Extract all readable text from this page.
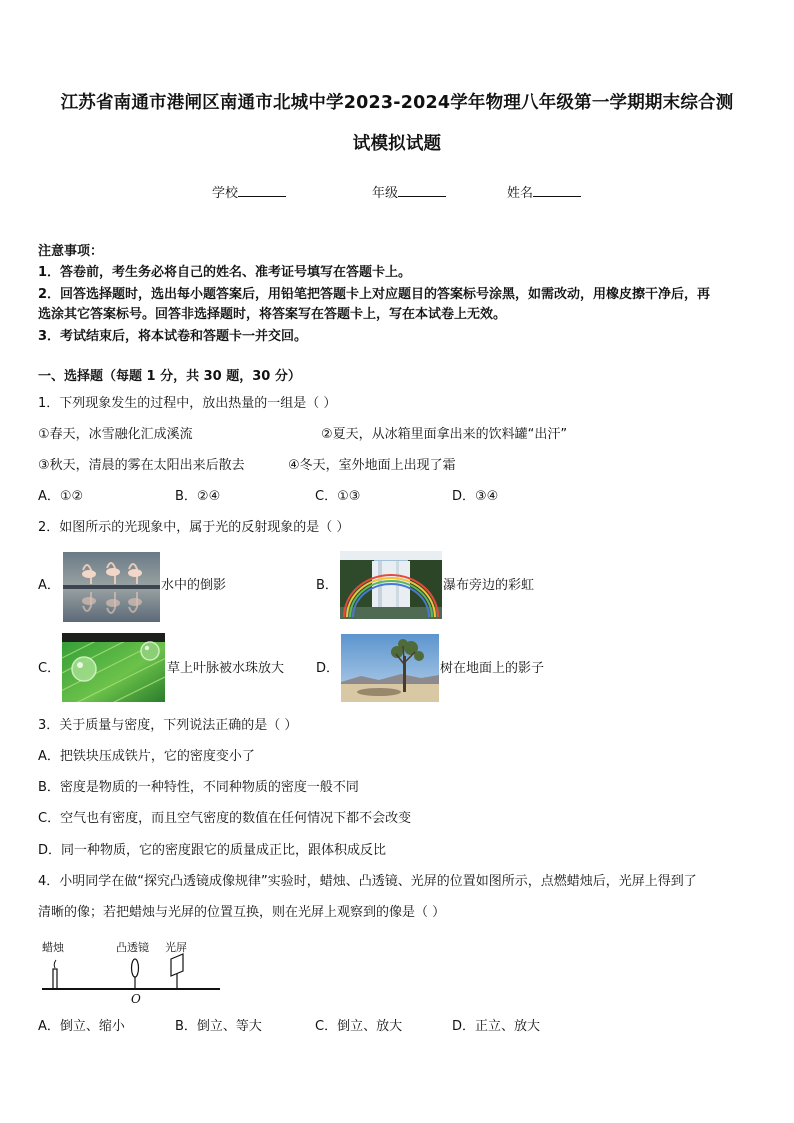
江苏省南通市港闸区南通市北城中学2023-2024学年物理八年级第一学期期末综合测
试模拟试题
学校	年级	姓名
注意事项：
1．答卷前，考生务必将自己的姓名、准考证号填写在答题卡上。
2．回答选择题时，选出每小题答案后，用铅笔把答题卡上对应题目的答案标号涂黑，如需改动，用橡皮擦干净后，再
选涂其它答案标号。回答非选择题时，将答案写在答题卡上，写在本试卷上无效。
3．考试结束后，将本试卷和答题卡一并交回。
一、选择题（每题 1 分，共 30 题，30 分）
1．下列现象发生的过程中，放出热量的一组是（ ）
①春天，冰雪融化汇成溪流	②夏天，从冰箱里面拿出来的饮料罐“出汗”
③秋天，清晨的雾在太阳出来后散去	④冬天，室外地面上出现了霜
A．①②	B．②④	C．①③	D．③④
2．如图所示的光现象中，属于光的反射现象的是（ ）
A．	水中的倒影	B．	瀑布旁边的彩虹
C．	草上叶脉被水珠放大 D．	树在地面上的影子
3．关于质量与密度，下列说法正确的是（ ）
A．把铁块压成铁片，它的密度变小了
B．密度是物质的一种特性，不同种物质的密度一般不同
C．空气也有密度，而且空气密度的数值在任何情况下都不会改变
D．同一种物质，它的密度跟它的质量成正比，跟体积成反比
4．小明同学在做“探究凸透镜成像规律”实验时，蜡烛、凸透镜、光屏的位置如图所示，点燃蜡烛后，光屏上得到了
清晰的像；若把蜡烛与光屏的位置互换，则在光屏上观察到的像是（ ）
蜡烛	凸透镜 光屏
O
A．倒立、缩小	B．倒立、等大	C．倒立、放大	D．正立、放大
